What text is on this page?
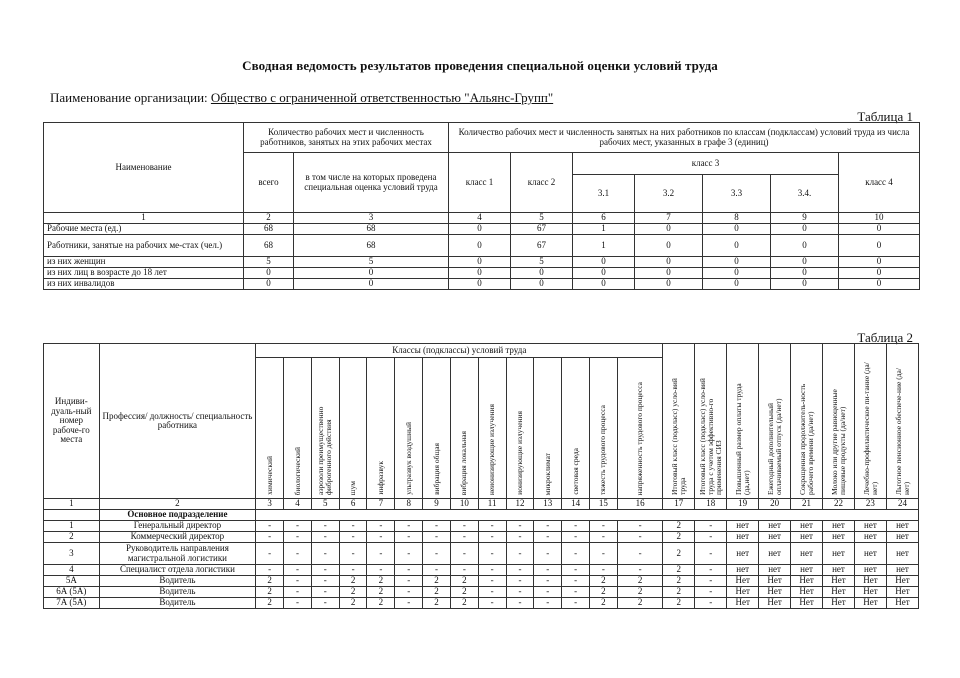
Сводная ведомость результатов проведения специальной оценки условий труда
Паименование организации: Общество с ограниченной ответственностью "Альянс-Групп"
Таблица 1
Наименование	Количество рабочих мест и численность работников, занятых на этих рабочих местах		Количество рабочих мест и численность занятых на них работников по классам (подклассам) условий труда из числа рабочих мест, указанных в графе 3 (единиц)						
	всего	в том числе на которых проведена специальная оценка условий труда	класс 1	класс 2	класс 3				класс 4
					3.1	3.2	3.3	3.4.	
1	2	3	4	5	6	7	8	9	10
Рабочие места (ед.)	68	68	0	67	1	0	0	0	0
Работники, занятые на рабочих ме-стах (чел.)	68	68	0	67	1	0	0	0	0
из них женщин	5	5	0	5	0	0	0	0	0
из них лиц в возрасте до 18 лет	0	0	0	0	0	0	0	0	0
из них инвалидов	0	0	0	0	0	0	0	0	0
Таблица 2
Индиви-дуаль-ный номер рабоче-го места	Профессия/ должность/ специальность работника	Классы (подклассы) условий труда														Итоговый класс (подкласс) усло-вий труда	Итоговый класс (подкласс) усло-вий труда с учетом эффективно-го применения СИЗ	Повышенный размер оплаты труда (да,нет)	Ежегодный дополнительный оплачиваемый отпуск (да/нет)	Сокращенная продолжитель-ность рабочего времени (да/нет)	Молоко или другие равноценные пищевые продукты (да/нет)	Лечебно-профилактическое пи-тание (да/нет)	Льготное пенсионное обеспече-ние (да/нет)

		химический	биологический	аэрозоли преимущественно фиброгенного действия	шум	инфразвук	ультразвук воздушный	вибрация общая	вибрация локальная	неионизирующие излучения	ионизирующие излучения	микроклимат	световая среда	тяжесть трудового процесса	напряженность трудового процесса								

1	2	3	4	5	6	7	8	9	10	11	12	13	14	15	16	17	18	19	20	21	22	23	24
	Основное подразделение																						
1	Генеральный директор	-	-	-	-	-	-	-	-	-	-	-	-	-	-	2	-	нет	нет	нет	нет	нет	нет
2	Коммерческий директор	-	-	-	-	-	-	-	-	-	-	-	-	-	-	2	-	нет	нет	нет	нет	нет	нет
3	Руководитель направления магистральной логистики	-	-	-	-	-	-	-	-	-	-	-	-	-	-	2	-	нет	нет	нет	нет	нет	нет
4	Специалист отдела логистики	-	-	-	-	-	-	-	-	-	-	-	-	-	-	2	-	нет	нет	нет	нет	нет	нет
5А	Водитель	2	-	-	2	2	-	2	2	-	-	-	-	2	2	2	-	Нет	Нет	Нет	Нет	Нет	Нет
6А (5А)	Водитель	2	-	-	2	2	-	2	2	-	-	-	-	2	2	2	-	Нет	Нет	Нет	Нет	Нет	Нет
7А (5А)	Водитель	2	-	-	2	2	-	2	2	-	-	-	-	2	2	2	-	Нет	Нет	Нет	Нет	Нет	Нет
